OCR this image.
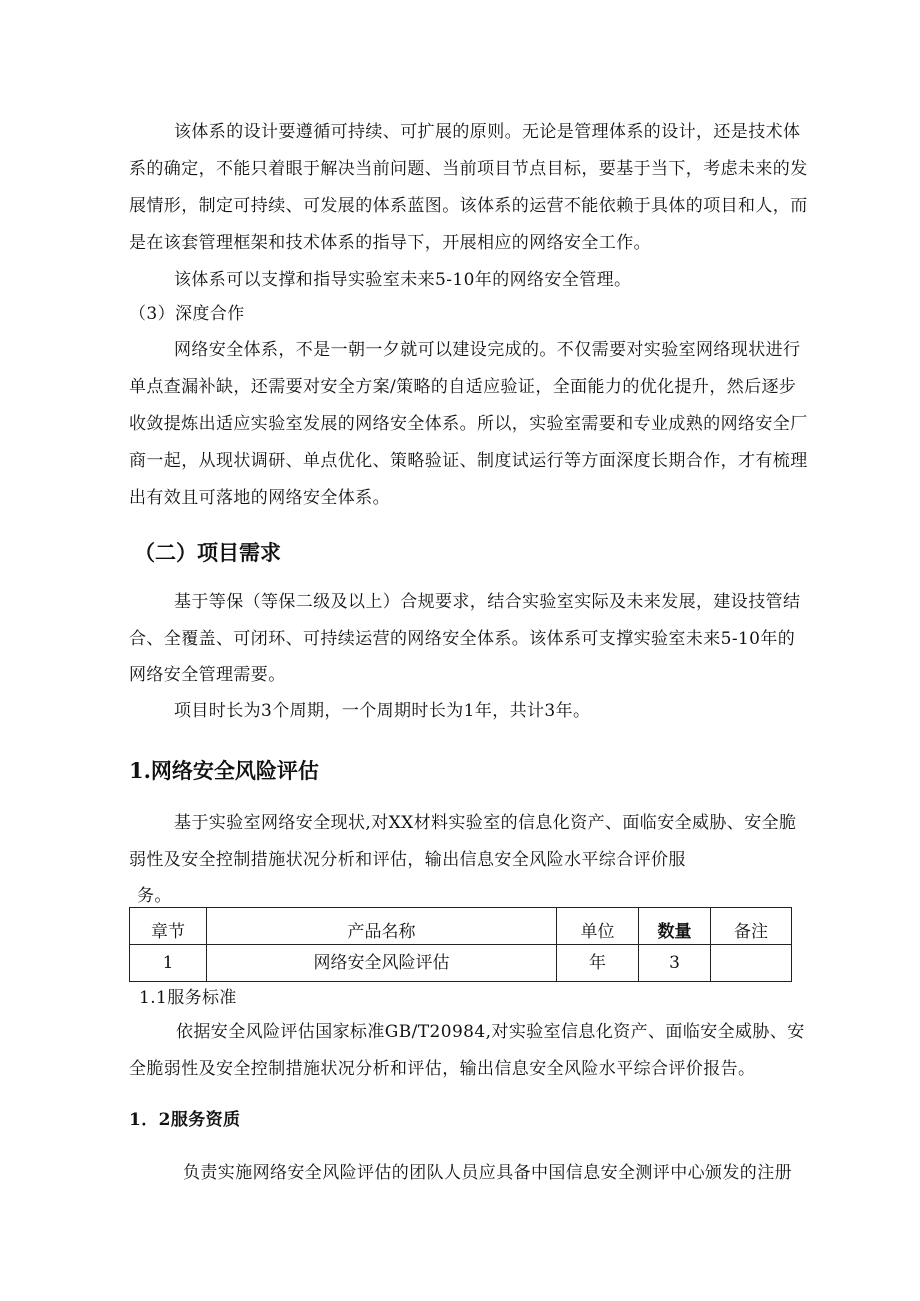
该体系的设计要遵循可持续、可扩展的原则。无论是管理体系的设计，还是技术体

系的确定，不能只着眼于解决当前问题、当前项目节点目标，要基于当下，考虑未来的发

展情形，制定可持续、可发展的体系蓝图。该体系的运营不能依赖于具体的项目和人，而

是在该套管理框架和技术体系的指导下，开展相应的网络安全工作。

该体系可以支撑和指导实验室未来5-10年的网络安全管理。

（3）深度合作

网络安全体系，不是一朝一夕就可以建设完成的。不仅需要对实验室网络现状进行

单点查漏补缺，还需要对安全方案/策略的自适应验证，全面能力的优化提升，然后逐步

收敛提炼出适应实验室发展的网络安全体系。所以，实验室需要和专业成熟的网络安全厂

商一起，从现状调研、单点优化、策略验证、制度试运行等方面深度长期合作，才有梳理

出有效且可落地的网络安全体系。

（二）项目需求

基于等保（等保二级及以上）合规要求，结合实验室实际及未来发展，建设技管结

合、全覆盖、可闭环、可持续运营的网络安全体系。该体系可支撑实验室未来5-10年的

网络安全管理需要。

项目时长为3个周期，一个周期时长为1年，共计3年。

1.网络安全风险评估

基于实验室网络安全现状,对XX材料实验室的信息化资产、面临安全威胁、安全脆

弱性及安全控制措施状况分析和评估，输出信息安全风险水平综合评价服

务。

章节	产品名称	单位	数量	备注
1	网络安全风险评估	年	3	

1.1服务标准

依据安全风险评估国家标准GB/T20984,对实验室信息化资产、面临安全威胁、安

全脆弱性及安全控制措施状况分析和评估，输出信息安全风险水平综合评价报告。

1．2服务资质

负责实施网络安全风险评估的团队人员应具备中国信息安全测评中心颁发的注册
